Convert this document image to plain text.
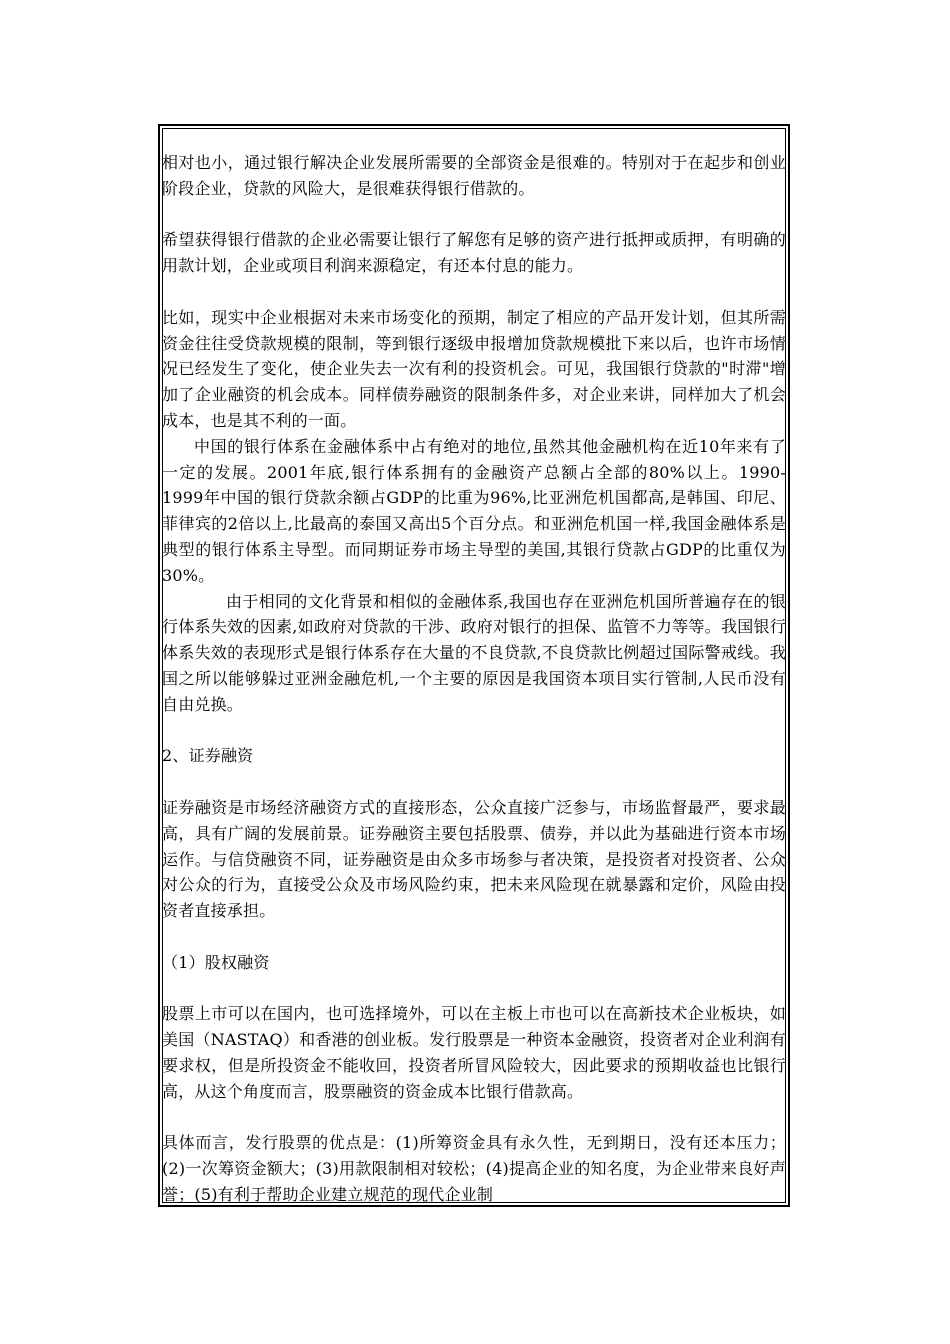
相对也小，通过银行解决企业发展所需要的全部资金是很难的。特别对于在起步和创业阶段企业，贷款的风险大，是很难获得银行借款的。

希望获得银行借款的企业必需要让银行了解您有足够的资产进行抵押或质押，有明确的用款计划，企业或项目利润来源稳定，有还本付息的能力。

比如，现实中企业根据对未来市场变化的预期，制定了相应的产品开发计划，但其所需资金往往受贷款规模的限制，等到银行逐级申报增加贷款规模批下来以后，也许市场情况已经发生了变化，使企业失去一次有利的投资机会。可见，我国银行贷款的"时滞"增加了企业融资的机会成本。同样债券融资的限制条件多，对企业来讲，同样加大了机会成本，也是其不利的一面。

中国的银行体系在金融体系中占有绝对的地位,虽然其他金融机构在近10年来有了一定的发展。2001年底,银行体系拥有的金融资产总额占全部的80%以上。1990-1999年中国的银行贷款余额占GDP的比重为96%,比亚洲危机国都高,是韩国、印尼、菲律宾的2倍以上,比最高的泰国又高出5个百分点。和亚洲危机国一样,我国金融体系是典型的银行体系主导型。而同期证券市场主导型的美国,其银行贷款占GDP的比重仅为30%。

由于相同的文化背景和相似的金融体系,我国也存在亚洲危机国所普遍存在的银行体系失效的因素,如政府对贷款的干涉、政府对银行的担保、监管不力等等。我国银行体系失效的表现形式是银行体系存在大量的不良贷款,不良贷款比例超过国际警戒线。我国之所以能够躲过亚洲金融危机,一个主要的原因是我国资本项目实行管制,人民币没有自由兑换。

2、证券融资

证券融资是市场经济融资方式的直接形态，公众直接广泛参与，市场监督最严，要求最高，具有广阔的发展前景。证券融资主要包括股票、债券，并以此为基础进行资本市场运作。与信贷融资不同，证券融资是由众多市场参与者决策，是投资者对投资者、公众对公众的行为，直接受公众及市场风险约束，把未来风险现在就暴露和定价，风险由投资者直接承担。

（1）股权融资

股票上市可以在国内，也可选择境外，可以在主板上市也可以在高新技术企业板块，如美国（NASTAQ）和香港的创业板。发行股票是一种资本金融资，投资者对企业利润有要求权，但是所投资金不能收回，投资者所冒风险较大，因此要求的预期收益也比银行高，从这个角度而言，股票融资的资金成本比银行借款高。

具体而言，发行股票的优点是：(1)所筹资金具有永久性，无到期日，没有还本压力；(2)一次筹资金额大；(3)用款限制相对较松；(4)提高企业的知名度，为企业带来良好声誉；(5)有利于帮助企业建立规范的现代企业制
